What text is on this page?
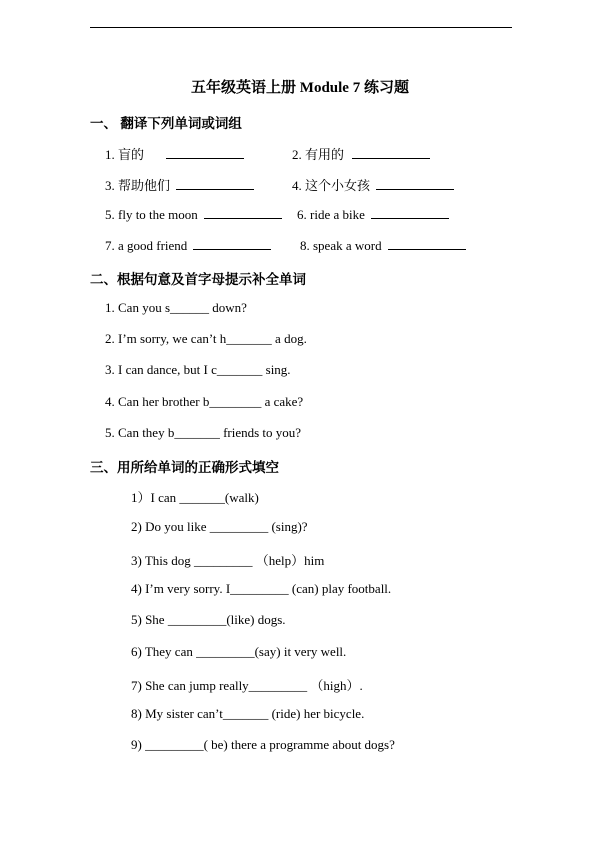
五年级英语上册 Module 7 练习题
一、 翻译下列单词或词组
1. 盲的	2. 有用的
3. 帮助他们	4. 这个小女孩
5. fly to the moon	6. ride a bike
7. a good friend	8. speak a word
二、根据句意及首字母提示补全单词
1. Can you s______ down?
2. I’m sorry, we can’t h_______ a dog.
3. I can dance, but I c_______ sing.
4. Can her brother b________ a cake?
5. Can they b_______ friends to you?
三、用所给单词的正确形式填空
1）I can _______(walk)
2) Do you like _________ (sing)?
3) This dog _________ （help）him
4) I’m very sorry. I_________ (can) play football.
5) She _________(like) dogs.
6) They can _________(say) it very well.
7) She can jump really_________ （high）.
8) My sister can’t_______ (ride) her bicycle.
9) _________( be) there a programme about dogs?
